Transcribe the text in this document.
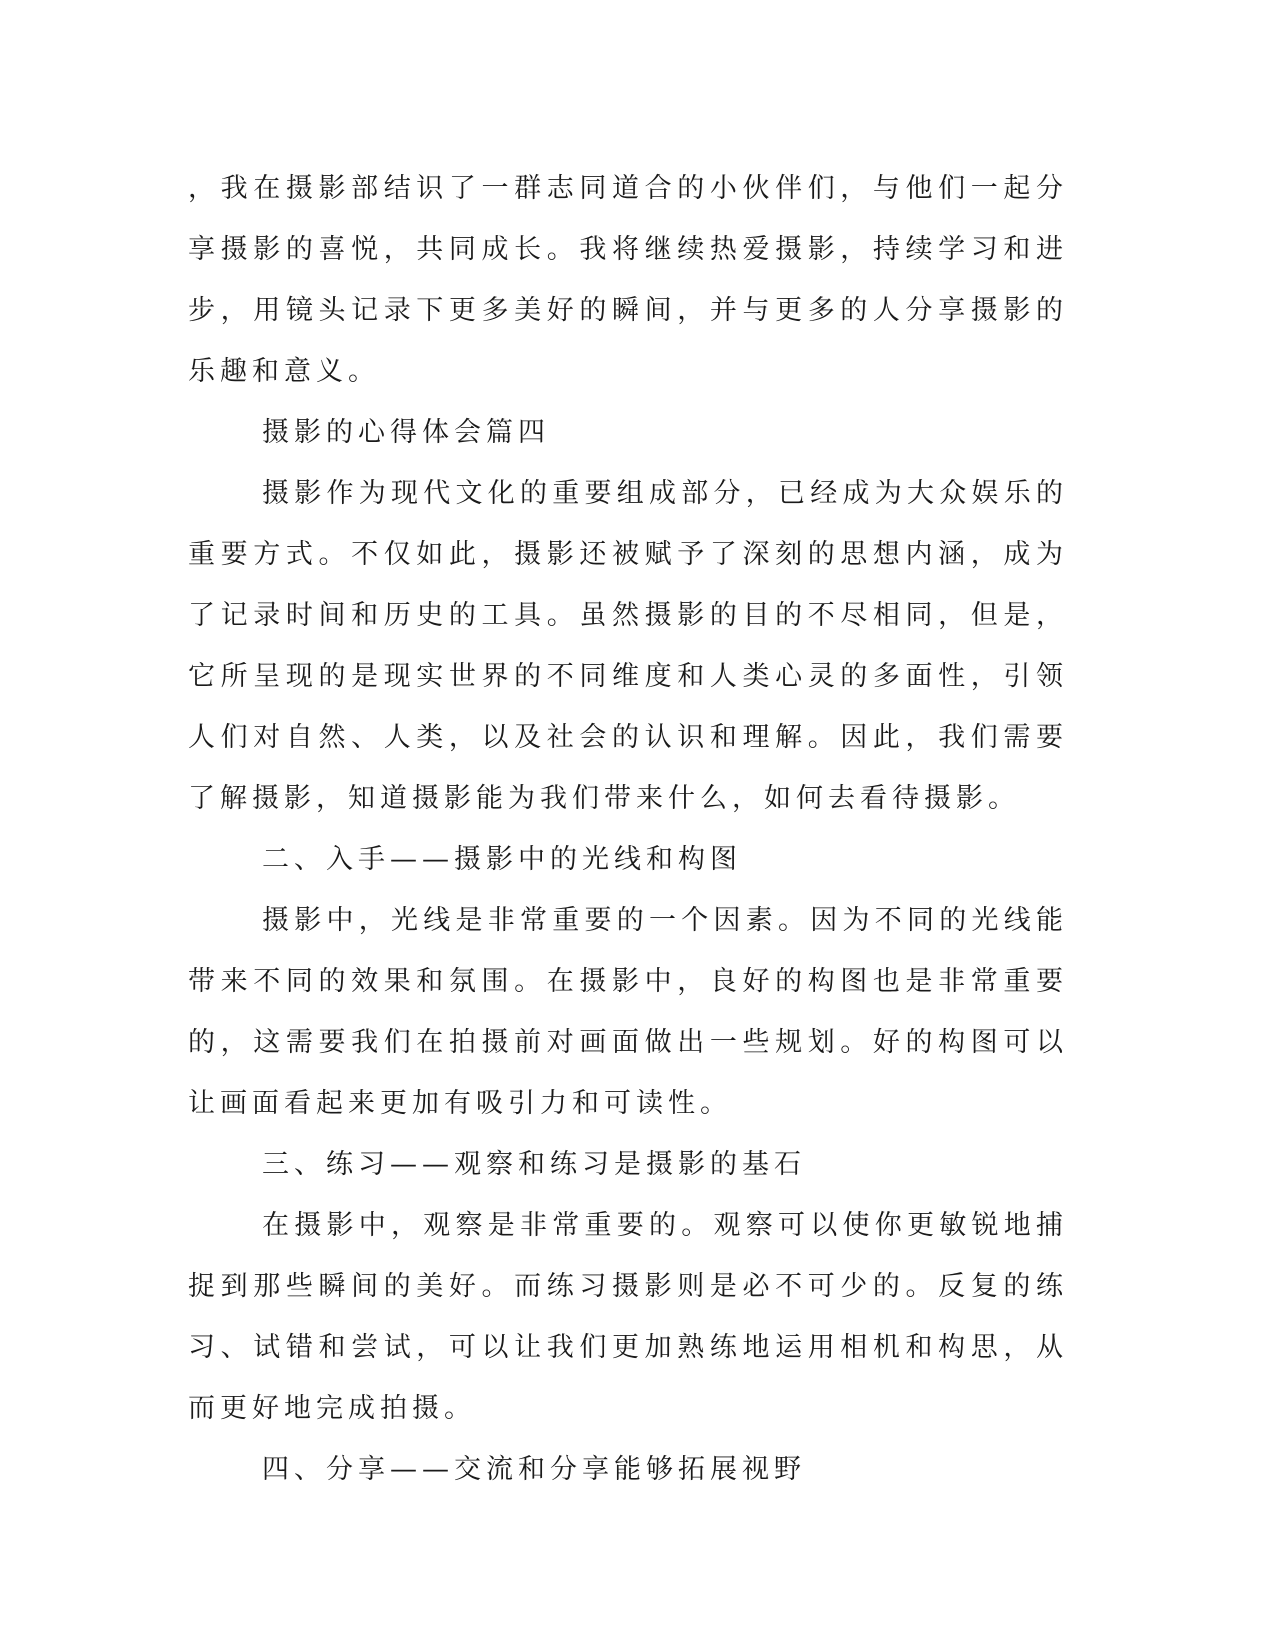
，我在摄影部结识了一群志同道合的小伙伴们，与他们一起分享摄影的喜悦，共同成长。我将继续热爱摄影，持续学习和进步，用镜头记录下更多美好的瞬间，并与更多的人分享摄影的乐趣和意义。

摄影的心得体会篇四

摄影作为现代文化的重要组成部分，已经成为大众娱乐的重要方式。不仅如此，摄影还被赋予了深刻的思想内涵，成为了记录时间和历史的工具。虽然摄影的目的不尽相同，但是，它所呈现的是现实世界的不同维度和人类心灵的多面性，引领人们对自然、人类，以及社会的认识和理解。因此，我们需要了解摄影，知道摄影能为我们带来什么，如何去看待摄影。

二、入手——摄影中的光线和构图

摄影中，光线是非常重要的一个因素。因为不同的光线能带来不同的效果和氛围。在摄影中，良好的构图也是非常重要的，这需要我们在拍摄前对画面做出一些规划。好的构图可以让画面看起来更加有吸引力和可读性。

三、练习——观察和练习是摄影的基石

在摄影中，观察是非常重要的。观察可以使你更敏锐地捕捉到那些瞬间的美好。而练习摄影则是必不可少的。反复的练习、试错和尝试，可以让我们更加熟练地运用相机和构思，从而更好地完成拍摄。

四、分享——交流和分享能够拓展视野
